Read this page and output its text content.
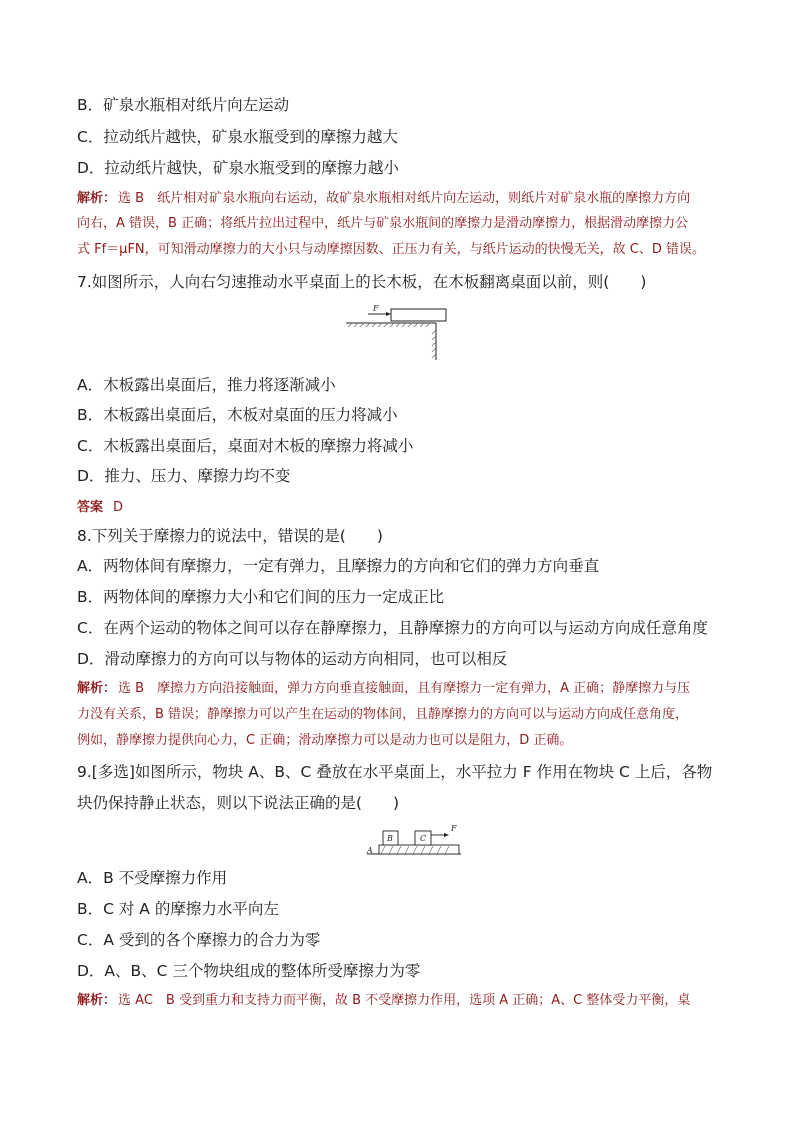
B．矿泉水瓶相对纸片向左运动
C．拉动纸片越快，矿泉水瓶受到的摩擦力越大
D．拉动纸片越快，矿泉水瓶受到的摩擦力越小
解析： 选 B　纸片相对矿泉水瓶向右运动，故矿泉水瓶相对纸片向左运动，则纸片对矿泉水瓶的摩擦力方向
向右，A 错误，B 正确；将纸片拉出过程中，纸片与矿泉水瓶间的摩擦力是滑动摩擦力，根据滑动摩擦力公
式 Ff＝μFN，可知滑动摩擦力的大小只与动摩擦因数、正压力有关，与纸片运动的快慢无关，故 C、D 错误。
7.如图所示，人向右匀速推动水平桌面上的长木板，在木板翻离桌面以前，则(　　)
F
A．木板露出桌面后，推力将逐渐减小
B．木板露出桌面后，木板对桌面的压力将减小
C．木板露出桌面后，桌面对木板的摩擦力将减小
D．推力、压力、摩擦力均不变
答案 D
8.下列关于摩擦力的说法中，错误的是(　　)
A．两物体间有摩擦力，一定有弹力，且摩擦力的方向和它们的弹力方向垂直
B．两物体间的摩擦力大小和它们间的压力一定成正比
C．在两个运动的物体之间可以存在静摩擦力，且静摩擦力的方向可以与运动方向成任意角度
D．滑动摩擦力的方向可以与物体的运动方向相同，也可以相反
解析： 选 B　摩擦力方向沿接触面，弹力方向垂直接触面，且有摩擦力一定有弹力，A 正确；静摩擦力与压
力没有关系，B 错误；静摩擦力可以产生在运动的物体间，且静摩擦力的方向可以与运动方向成任意角度，
例如，静摩擦力提供向心力，C 正确；滑动摩擦力可以是动力也可以是阻力，D 正确。
9.[多选]如图所示，物块 A、B、C 叠放在水平桌面上，水平拉力 F 作用在物块 C 上后，各物
块仍保持静止状态，则以下说法正确的是(　　)
A
B	C
F
A．B 不受摩擦力作用
B．C 对 A 的摩擦力水平向左
C．A 受到的各个摩擦力的合力为零
D．A、B、C 三个物块组成的整体所受摩擦力为零
解析： 选 AC　B 受到重力和支持力而平衡，故 B 不受摩擦力作用，选项 A 正确；A、C 整体受力平衡，桌
